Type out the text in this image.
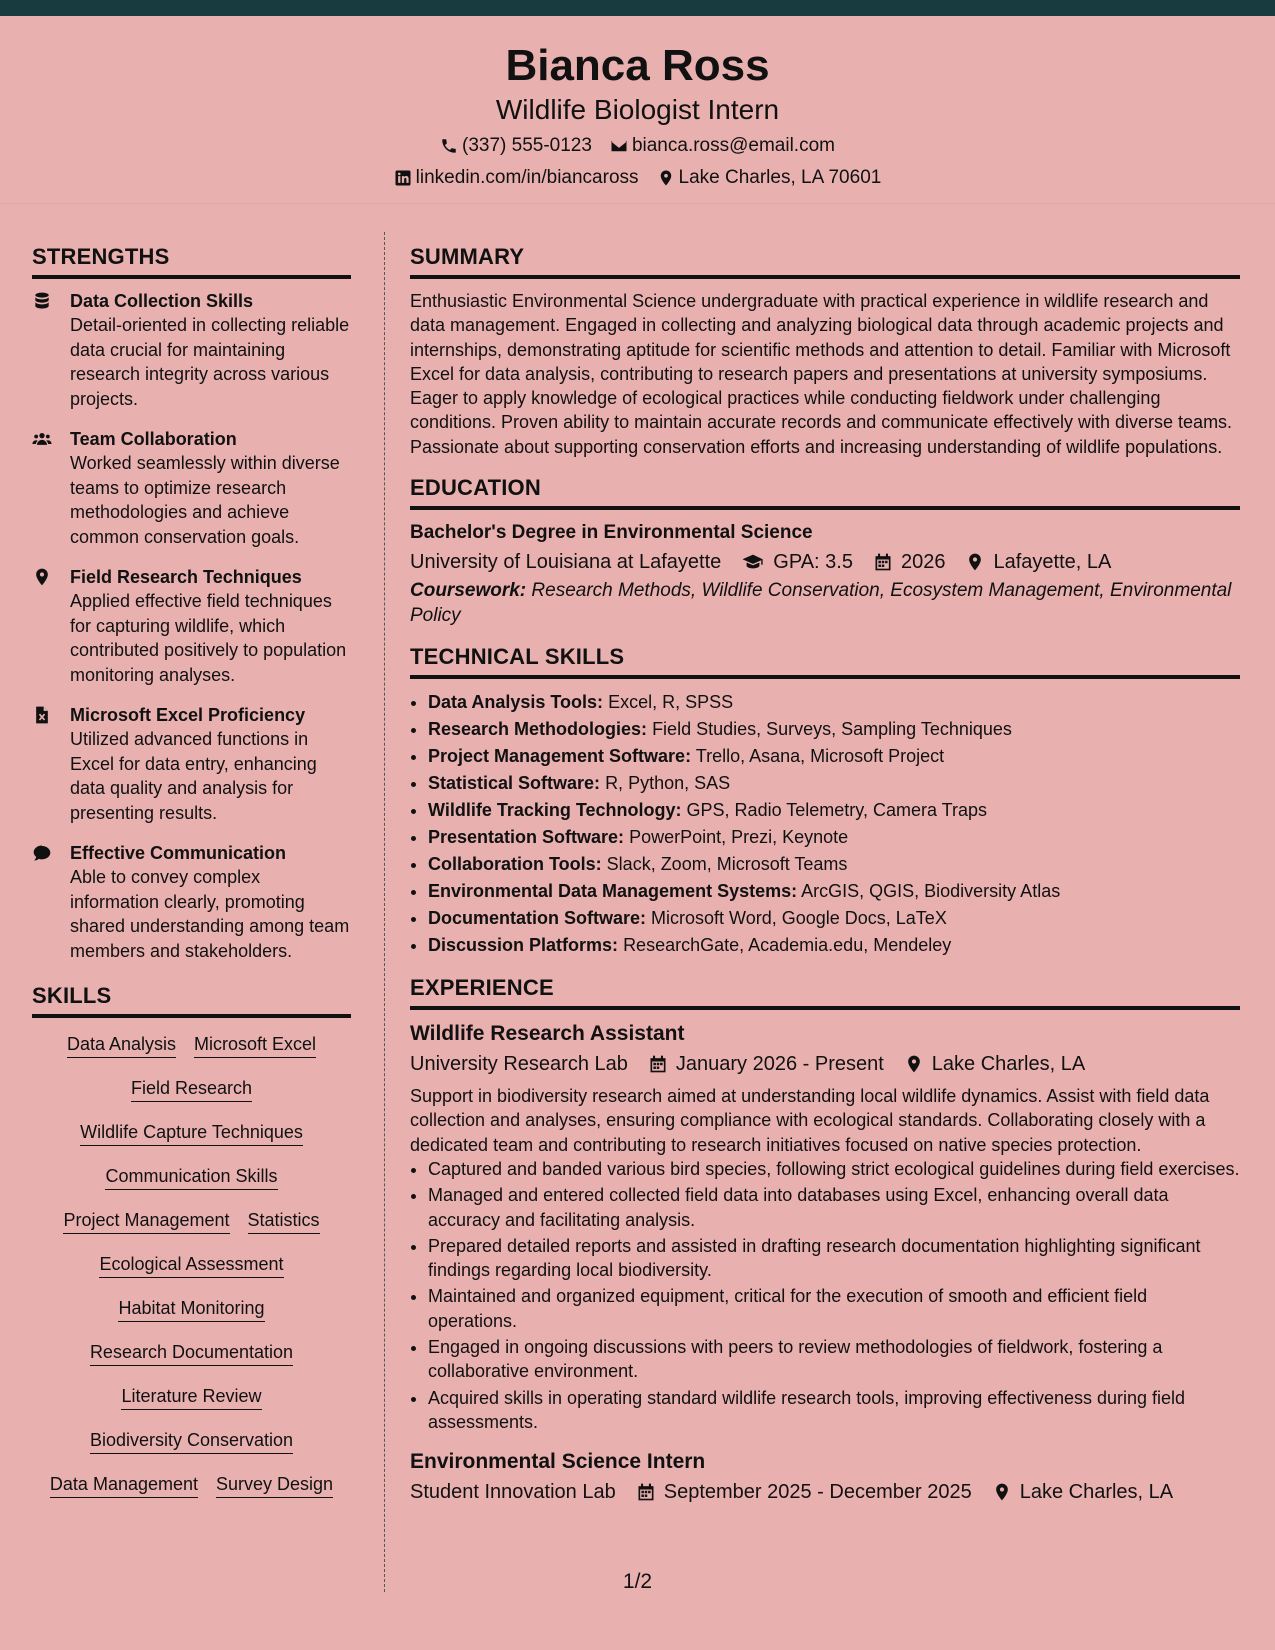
Bianca Ross
Wildlife Biologist Intern
(337) 555-0123 bianca.ross@email.com
linkedin.com/in/biancaross Lake Charles, LA 70601
STRENGTHS
Data Collection Skills
Detail-oriented in collecting reliable data crucial for maintaining research integrity across various projects.
Team Collaboration
Worked seamlessly within diverse teams to optimize research methodologies and achieve common conservation goals.
Field Research Techniques
Applied effective field techniques for capturing wildlife, which contributed positively to population monitoring analyses.
Microsoft Excel Proficiency
Utilized advanced functions in Excel for data entry, enhancing data quality and analysis for presenting results.
Effective Communication
Able to convey complex information clearly, promoting shared understanding among team members and stakeholders.
SKILLS
Data Analysis Microsoft Excel
Field Research
Wildlife Capture Techniques
Communication Skills
Project Management Statistics
Ecological Assessment
Habitat Monitoring
Research Documentation
Literature Review
Biodiversity Conservation
Data Management Survey Design
SUMMARY
Enthusiastic Environmental Science undergraduate with practical experience in wildlife research and data management. Engaged in collecting and analyzing biological data through academic projects and internships, demonstrating aptitude for scientific methods and attention to detail. Familiar with Microsoft Excel for data analysis, contributing to research papers and presentations at university symposiums. Eager to apply knowledge of ecological practices while conducting fieldwork under challenging conditions. Proven ability to maintain accurate records and communicate effectively with diverse teams. Passionate about supporting conservation efforts and increasing understanding of wildlife populations.
EDUCATION
Bachelor's Degree in Environmental Science
University of Louisiana at Lafayette	GPA: 3.5 2026 Lafayette, LA
Coursework: Research Methods, Wildlife Conservation, Ecosystem Management, Environmental Policy
TECHNICAL SKILLS
• Data Analysis Tools: Excel, R, SPSS
• Research Methodologies: Field Studies, Surveys, Sampling Techniques
• Project Management Software: Trello, Asana, Microsoft Project
• Statistical Software: R, Python, SAS
• Wildlife Tracking Technology: GPS, Radio Telemetry, Camera Traps
• Presentation Software: PowerPoint, Prezi, Keynote
• Collaboration Tools: Slack, Zoom, Microsoft Teams
• Environmental Data Management Systems: ArcGIS, QGIS, Biodiversity Atlas
• Documentation Software: Microsoft Word, Google Docs, LaTeX
• Discussion Platforms: ResearchGate, Academia.edu, Mendeley
EXPERIENCE
Wildlife Research Assistant
University Research Lab January 2026 - Present Lake Charles, LA
Support in biodiversity research aimed at understanding local wildlife dynamics. Assist with field data collection and analyses, ensuring compliance with ecological standards. Collaborating closely with a dedicated team and contributing to research initiatives focused on native species protection.
• Captured and banded various bird species, following strict ecological guidelines during field exercises.
• Managed and entered collected field data into databases using Excel, enhancing overall data accuracy and facilitating analysis.
• Prepared detailed reports and assisted in drafting research documentation highlighting significant findings regarding local biodiversity.
• Maintained and organized equipment, critical for the execution of smooth and efficient field operations.
• Engaged in ongoing discussions with peers to review methodologies of fieldwork, fostering a collaborative environment.
• Acquired skills in operating standard wildlife research tools, improving effectiveness during field assessments.
Environmental Science Intern
Student Innovation Lab September 2025 - December 2025 Lake Charles, LA
1/2
